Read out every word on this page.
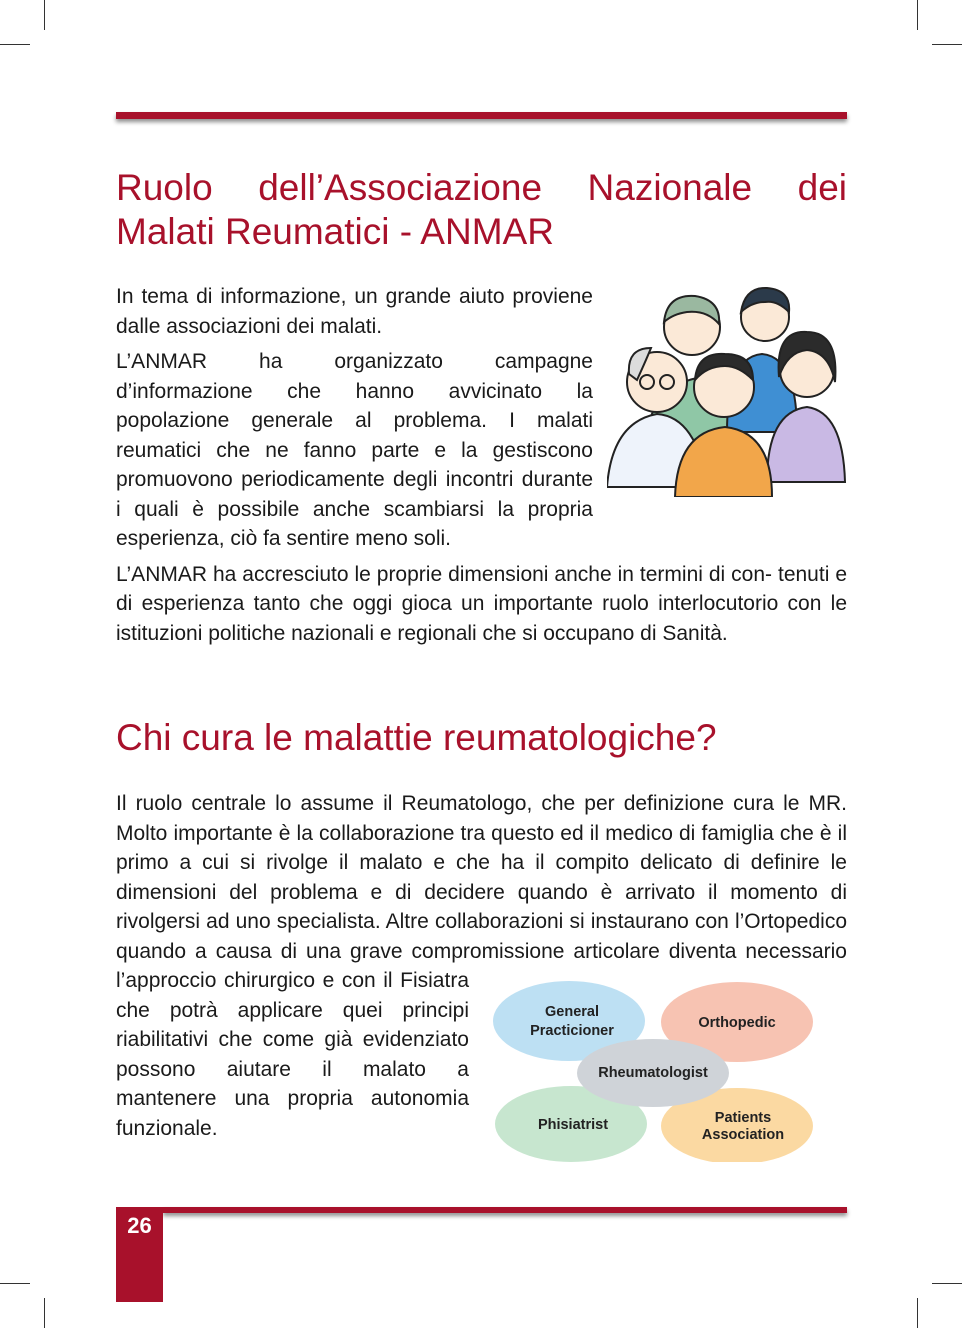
Ruolo dell’Associazione Nazionale dei Malati Reumatici - ANMAR

In tema di informazione, un grande aiuto proviene dalle associazioni dei malati.

L’ANMAR ha organizzato campagne d’informazione che hanno avvicinato la popolazione generale al problema. I malati reumatici che ne fanno parte e la gestiscono promuovono periodicamente degli incontri durante i quali è possibile anche scambiarsi la propria esperienza, ciò fa sentire meno soli.

L’ANMAR ha accresciuto le proprie dimensioni anche in termini di con- tenuti e di esperienza tanto che oggi gioca un importante ruolo interlocutorio con le istituzioni politiche nazionali e regionali che si occupano di Sanità.

Chi cura le malattie reumatologiche?
General
Practicioner	Orthopedic
Rheumatologist
Phisiatrist	Patients
Association

Il ruolo centrale lo assume il Reumatologo, che per definizione cura le MR. Molto importante è la collaborazione tra questo ed il medico di famiglia che è il primo a cui si rivolge il malato e che ha il compito delicato di definire le dimensioni del problema e di decidere quando è arrivato il momento di rivolgersi ad uno specialista. Altre collaborazioni si instaurano con l’Ortopedico quando a causa di una grave compromissione articolare diventa necessario l’approccio chirurgico e con il Fisiatra che potrà applicare quei principi riabilitativi che come già evidenziato possono aiutare il malato a mantenere una propria autonomia funzionale.

26
